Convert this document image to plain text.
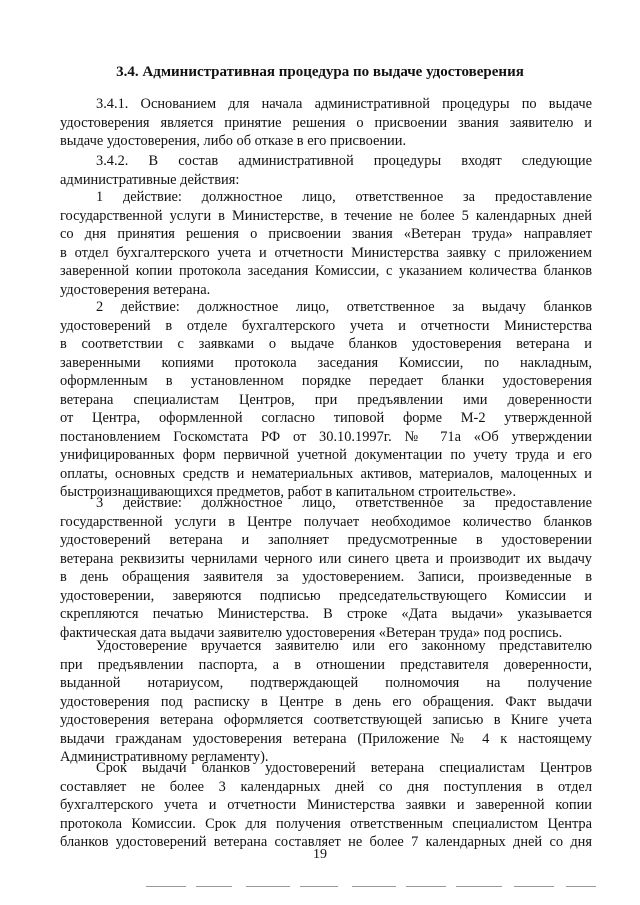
3.4. Административная процедура по выдаче удостоверения
3.4.1. Основанием для начала административной процедуры по выдаче
удостоверения является принятие решения о присвоении звания заявителю и
выдаче удостоверения, либо об отказе в его присвоении.
3.4.2. В состав административной процедуры входят следующие
административные действия:
1 действие: должностное лицо, ответственное за предоставление
государственной услуги в Министерстве, в течение не более 5 календарных дней
со дня принятия решения о присвоении звания «Ветеран труда» направляет
в отдел бухгалтерского учета и отчетности Министерства заявку с приложением
заверенной копии протокола заседания Комиссии, с указанием количества бланков
удостоверения ветерана.
2 действие: должностное лицо, ответственное за выдачу бланков
удостоверений в отделе бухгалтерского учета и отчетности Министерства
в соответствии с заявками о выдаче бланков удостоверения ветерана и
заверенными копиями протокола заседания Комиссии, по накладным,
оформленным в установленном порядке передает бланки удостоверения
ветерана специалистам Центров, при предъявлении ими доверенности
от Центра, оформленной согласно типовой форме М-2 утвержденной
постановлением Госкомстата РФ от 30.10.1997г. № 71а «Об утверждении
унифицированных форм первичной учетной документации по учету труда и его
оплаты, основных средств и нематериальных активов, материалов, малоценных и
быстроизнашивающихся предметов, работ в капитальном строительстве».
3 действие: должностное лицо, ответственное за предоставление
государственной услуги в Центре получает необходимое количество бланков
удостоверений ветерана и заполняет предусмотренные в удостоверении
ветерана реквизиты чернилами черного или синего цвета и производит их выдачу
в день обращения заявителя за удостоверением. Записи, произведенные в
удостоверении, заверяются подписью председательствующего Комиссии и
скрепляются печатью Министерства. В строке «Дата выдачи» указывается
фактическая дата выдачи заявителю удостоверения «Ветеран труда» под роспись.
Удостоверение вручается заявителю или его законному представителю
при предъявлении паспорта, а в отношении представителя доверенности,
выданной нотариусом, подтверждающей полномочия на получение
удостоверения под расписку в Центре в день его обращения. Факт выдачи
удостоверения ветерана оформляется соответствующей записью в Книге учета
выдачи гражданам удостоверения ветерана (Приложение № 4 к настоящему
Административному регламенту).
Срок выдачи бланков удостоверений ветерана специалистам Центров
составляет не более 3 календарных дней со дня поступления в отдел
бухгалтерского учета и отчетности Министерства заявки и заверенной копии
протокола Комиссии. Срок для получения ответственным специалистом Центра
бланков удостоверений ветерана составляет не более 7 календарных дней со дня
19
